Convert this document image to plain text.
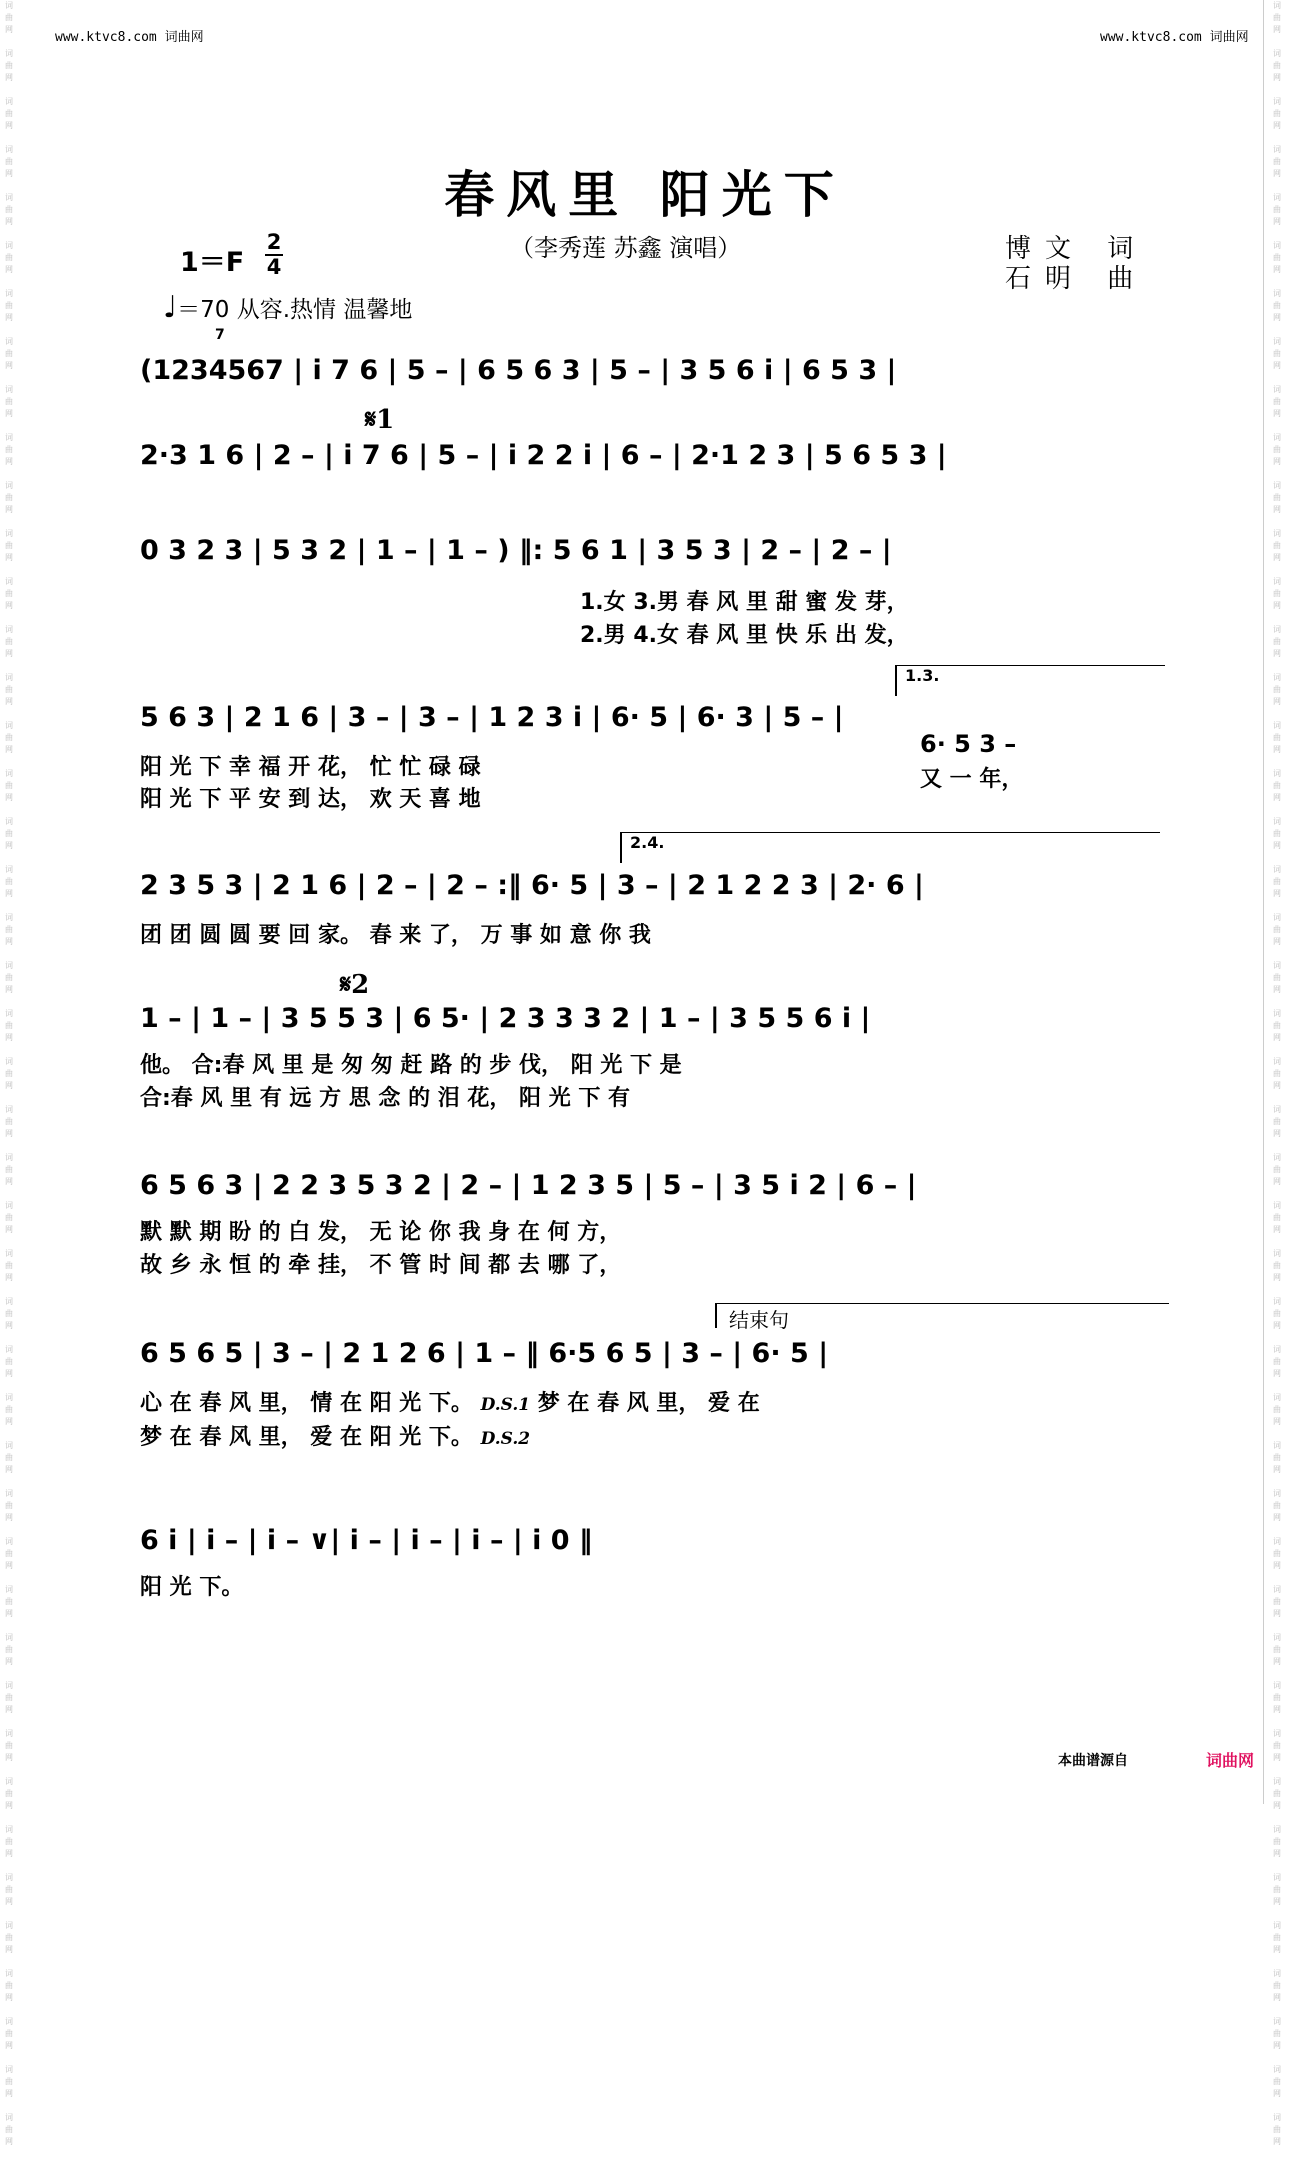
词
曲
网

词
曲
网

词
曲
网

词
曲
网

词
曲
网

词
曲
网

词
曲
网

词
曲
网

词
曲
网

词
曲
网

词
曲
网

词
曲
网

词
曲
网

词
曲
网

词
曲
网

词
曲
网

词
曲
网

词
曲
网

词
曲
网

词
曲
网

词
曲
网

词
曲
网

词
曲
网

词
曲
网

词
曲
网

词
曲
网

词
曲
网

词
曲
网

词
曲
网

词
曲
网

词
曲
网

词
曲
网

词
曲
网

词
曲
网

词
曲
网

词
曲
网

词
曲
网

词
曲
网

词
曲
网

词
曲
网

词
曲
网

词
曲
网

词
曲
网

词
曲
网

词
曲
网

词
曲
网

词
曲
网

词
曲
网

词
曲
网

词
曲
网

词
曲
网

词
曲
网

词
曲
网

词
曲
网

词
曲
网

词
曲
网

词
曲
网

词
曲
网

词
曲
网

词
曲
网

词
曲
网

词
曲
网

词
曲
网

词
曲
网

词
曲
网

词
曲
网

词
曲
网

词
曲
网

词
曲
网

词
曲
网

词
曲
网

词
曲
网

词
曲
网

词
曲
网

词
曲
网

词
曲
网

词
曲
网

词
曲
网

词
曲
网

词
曲
网

词
曲
网

词
曲
网

词
曲
网

词
曲
网

词
曲
网

词
曲
网

词
曲
网

词
曲
网

词
曲
网

词
曲
网

www.ktvc8.com 词曲网	www.ktvc8.com 词曲网
春风里 阳光下
（李秀莲 苏鑫 演唱）	博文 词
石明 曲
1＝F
2
4
♩＝70 从容.热情 温馨地
(1234567 | i 7 6 | 5 – | 6 5 6 3 | 5 – | 3 5 6 i | 6 5 3 |
7
𝄋1
2·3 1 6 | 2 – | i 7 6 | 5 – | i 2 2 i | 6 – | 2·1 2 3 | 5 6 5 3 |
0 3 2 3 | 5 3 2 | 1 – | 1 – ) ‖: 5 6 1 | 3 5 3 | 2 – | 2 – |
1.女 3.男 春 风 里 甜 蜜 发 芽，
2.男 4.女 春 风 里 快 乐 出 发，
1.3.
5 6 3 | 2 1 6 | 3 – | 3 – | 1 2 3 i | 6· 5 | 6· 3 | 5 – |
阳 光 下 幸 福 开 花， 忙 忙 碌 碌
阳 光 下 平 安 到 达， 欢 天 喜 地
6· 5 3 –
又 一 年，
2.4.
2 3 5 3 | 2 1 6 | 2 – | 2 – :‖ 6· 5 | 3 – | 2 1 2 2 3 | 2· 6 |
团 团 圆 圆 要 回 家。 春 来 了， 万 事 如 意 你 我
𝄋2
1 – | 1 – | 3 5 5 3 | 6 5· | 2 3 3 3 2 | 1 – | 3 5 5 6 i |
他。 合:春 风 里 是 匆 匆 赶 路 的 步 伐， 阳 光 下 是
合:春 风 里 有 远 方 思 念 的 泪 花， 阳 光 下 有
6 5 6 3 | 2 2 3 5 3 2 | 2 – | 1 2 3 5 | 5 – | 3 5 i 2 | 6 – |
默 默 期 盼 的 白 发， 无 论 你 我 身 在 何 方，
故 乡 永 恒 的 牵 挂， 不 管 时 间 都 去 哪 了，
结束句
6 5 6 5 | 3 – | 2 1 2 6 | 1 – ‖ 6·5 6 5 | 3 – | 6· 5 |
心 在 春 风 里， 情 在 阳 光 下。 D.S.1 梦 在 春 风 里， 爱 在
梦 在 春 风 里， 爱 在 阳 光 下。 D.S.2
6 i | i – | i – ∨| i – | i – | i – | i 0 ‖
阳 光 下。
本曲谱源自	词曲网
